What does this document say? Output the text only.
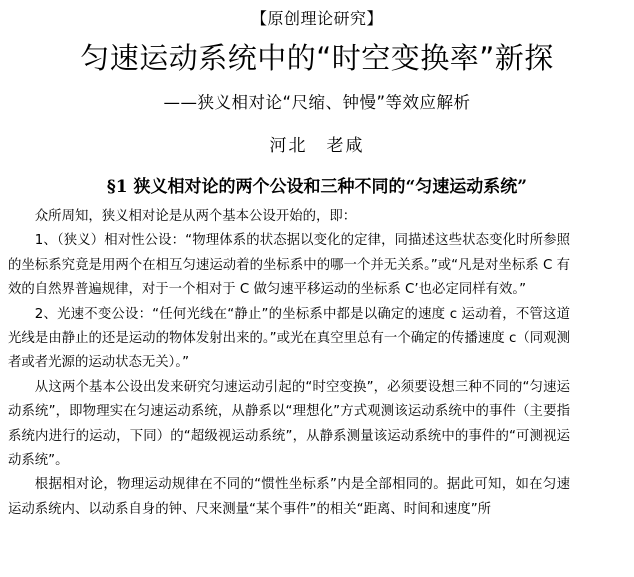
【原创理论研究】
匀速运动系统中的“时空变换率”新探
——狭义相对论“尺缩、钟慢”等效应解析
河北　老咸
§1 狭义相对论的两个公设和三种不同的“匀速运动系统”

众所周知，狭义相对论是从两个基本公设开始的，即：

1、（狭义）相对性公设：“物理体系的状态据以变化的定律，同描述这些状态变化时所参照的坐标系究竟是用两个在相互匀速运动着的坐标系中的哪一个并无关系。”或“凡是对坐标系 C 有效的自然界普遍规律，对于一个相对于 C 做匀速平移运动的坐标系 C’也必定同样有效。”

2、光速不变公设：“任何光线在“静止”的坐标系中都是以确定的速度 c 运动着，不管这道光线是由静止的还是运动的物体发射出来的。”或光在真空里总有一个确定的传播速度 c（同观测者或者光源的运动状态无关）。”

从这两个基本公设出发来研究匀速运动引起的“时空变换”，必须要设想三种不同的“匀速运动系统”，即物理实在匀速运动系统，从静系以“理想化”方式观测该运动系统中的事件（主要指系统内进行的运动，下同）的“超级视运动系统”，从静系测量该运动系统中的事件的“可测视运动系统”。

根据相对论，物理运动规律在不同的“惯性坐标系”内是全部相同的。据此可知，如在匀速运动系统内、以动系自身的钟、尺来测量“某个事件”的相关“距离、时间和速度”所
